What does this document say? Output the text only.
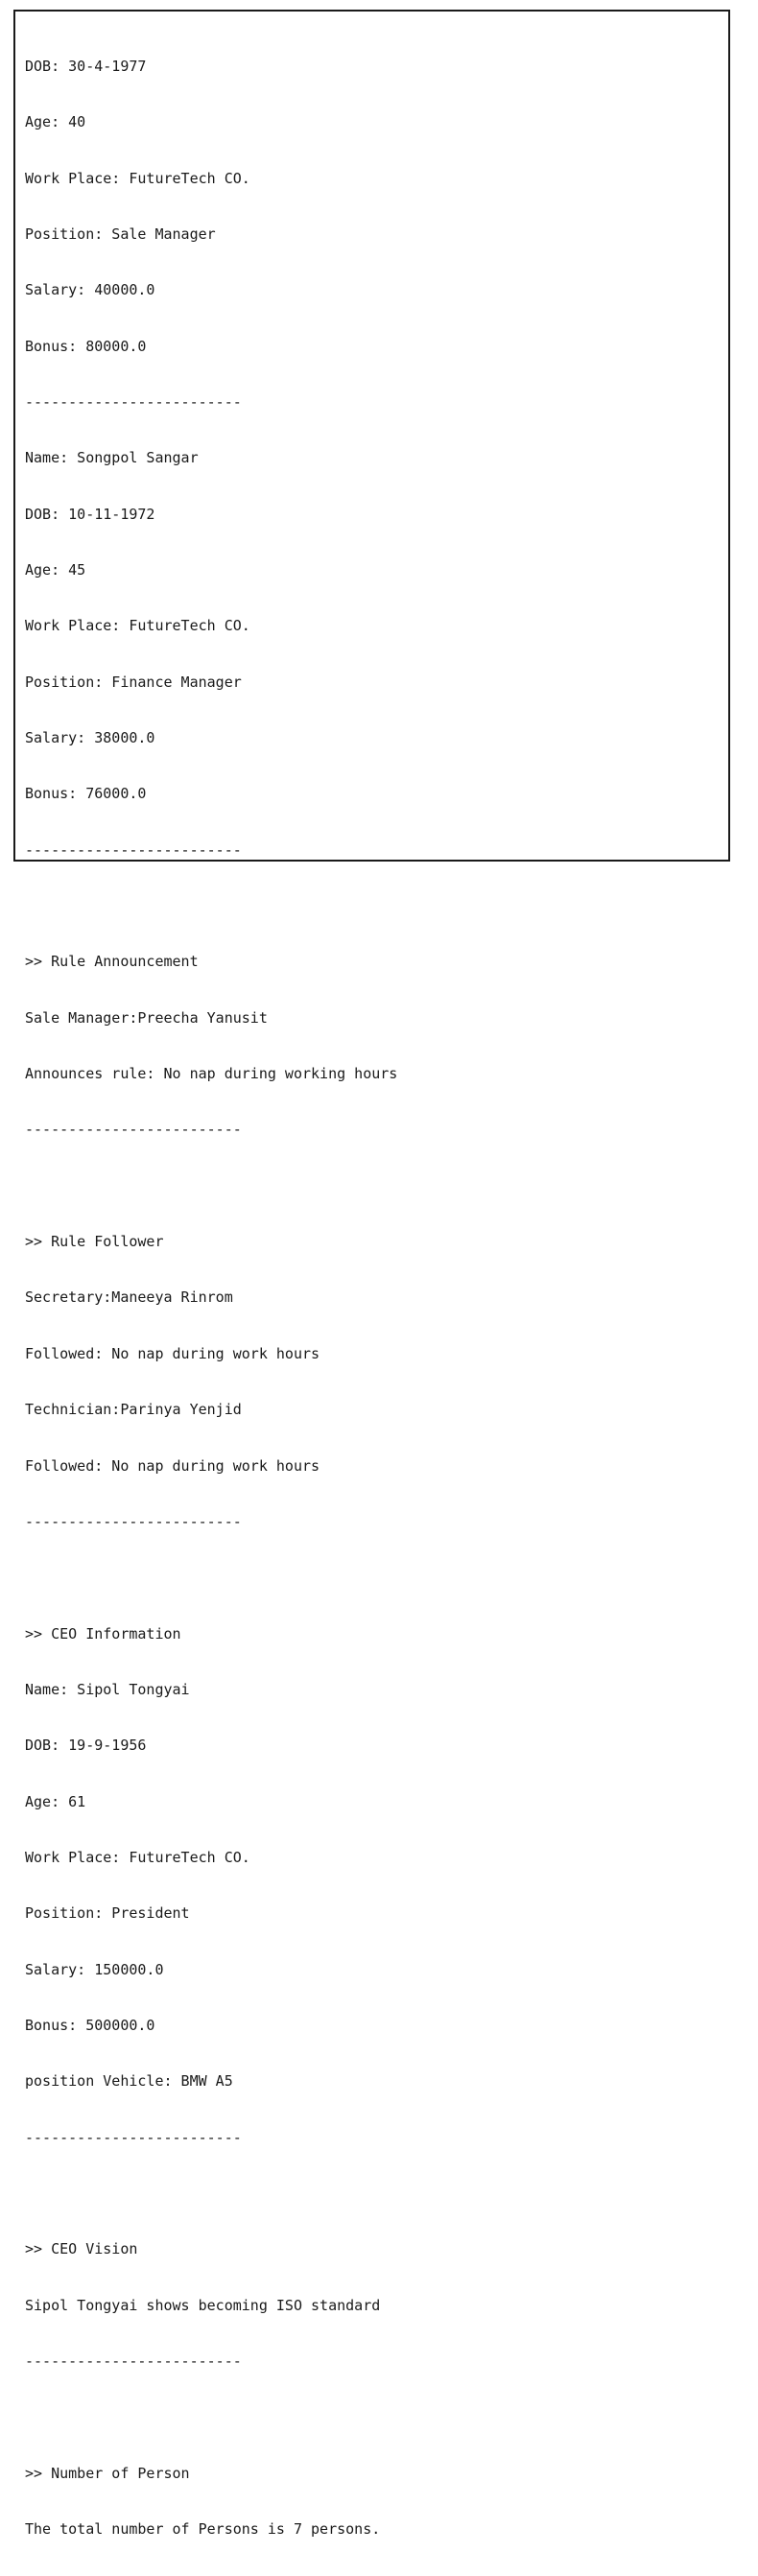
DOB: 30-4-1977

Age: 40

Work Place: FutureTech CO.

Position: Sale Manager

Salary: 40000.0

Bonus: 80000.0

-------------------------

Name: Songpol Sangar

DOB: 10-11-1972

Age: 45

Work Place: FutureTech CO.

Position: Finance Manager

Salary: 38000.0

Bonus: 76000.0

-------------------------

>> Rule Announcement

Sale Manager:Preecha Yanusit

Announces rule: No nap during working hours

-------------------------

>> Rule Follower

Secretary:Maneeya Rinrom

Followed: No nap during work hours

Technician:Parinya Yenjid

Followed: No nap during work hours

-------------------------

>> CEO Information

Name: Sipol Tongyai

DOB: 19-9-1956

Age: 61

Work Place: FutureTech CO.

Position: President

Salary: 150000.0

Bonus: 500000.0

position Vehicle: BMW A5

-------------------------

>> CEO Vision

Sipol Tongyai shows becoming ISO standard

-------------------------

>> Number of Person

The total number of Persons is 7 persons.
